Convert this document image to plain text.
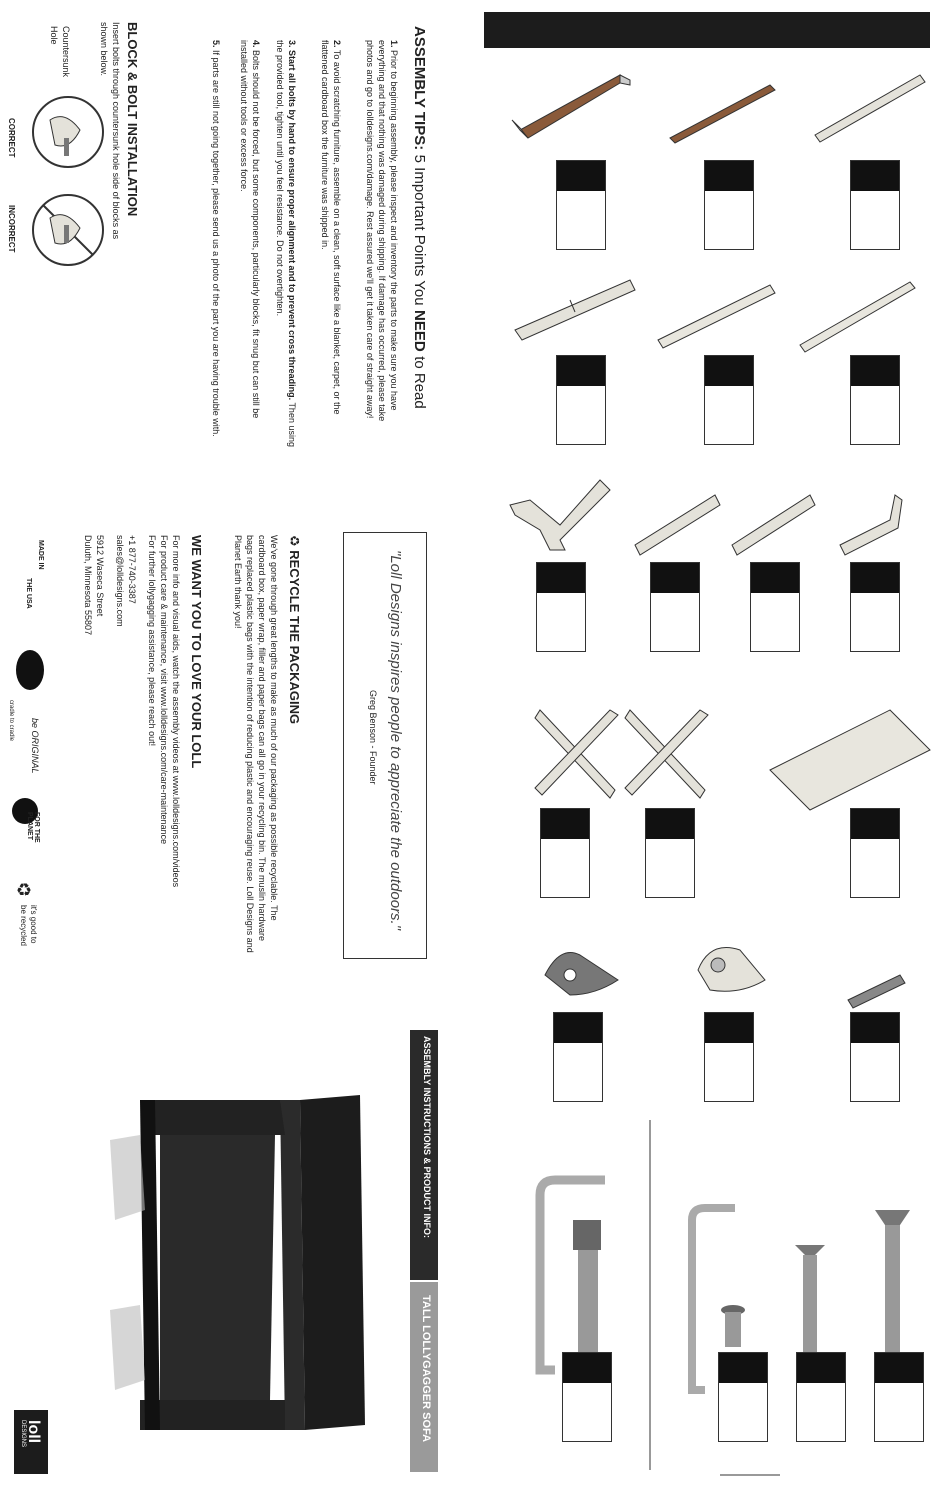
ASSEMBLY TIPS: 5 Important Points You NEED to Read
1. Prior to beginning assembly, please inspect and inventory the parts to make sure you have everything and that nothing was damaged during shipping. If damage has occurred, please take photos and go to lolldesigns.com/damage. Rest assured we'll get it taken care of straight away!
2. To avoid scratching furniture, assemble on a clean, soft surface like a blanket, carpet, or the flattened cardboard box the furniture was shipped in.
3. Start all bolts by hand to ensure proper alignment and to prevent cross threading. Then using the provided tool, tighten until you feel resistance. Do not overtighten.
4. Bolts should not be forced, but some components, particularly blocks, fit snug but can still be installed without tools or excess force.
5. If parts are still not going together, please send us a photo of the part you are having trouble with.
BLOCK & BOLT INSTALLATION
Insert bolts through countersunk hole side of blocks as shown below.
Countersunk Hole
CORRECT
INCORRECT
"Loll Designs inspires people to appreciate the outdoors."
Greg Benson - Founder
♻ RECYCLE THE PACKAGING
We've gone through great lengths to make as much of our packaging as possible recyclable. The cardboard box, paper wrap, filler and paper bags can all go in your recycling bin. The muslin hardware bags replaced plastic bags with the intention of reducing plastic and encouraging reuse. Loll Designs and Planet Earth thank you!
WE WANT YOU TO LOVE YOUR LOLL
For more info and visual aids, watch the assembly videos at www.lolldesigns.com/videos
For product care & maintenance, visit www.lolldesigns.com/care-maintenance
For further lollygagging assistance, please reach out!
+1 877-740-3387
sales@lolldesigns.com
5912 Waseca Street
Duluth, Minnesota 55807
MADE IN
THE USA
cradle to cradle be ORIGINAL
FOR THE PLANET
♻
it's good to
be recycled
ASSEMBLY INSTRUCTIONS & PRODUCT INFO:
TALL LOLLYGAGGER SOFA
loll
DESIGNS
